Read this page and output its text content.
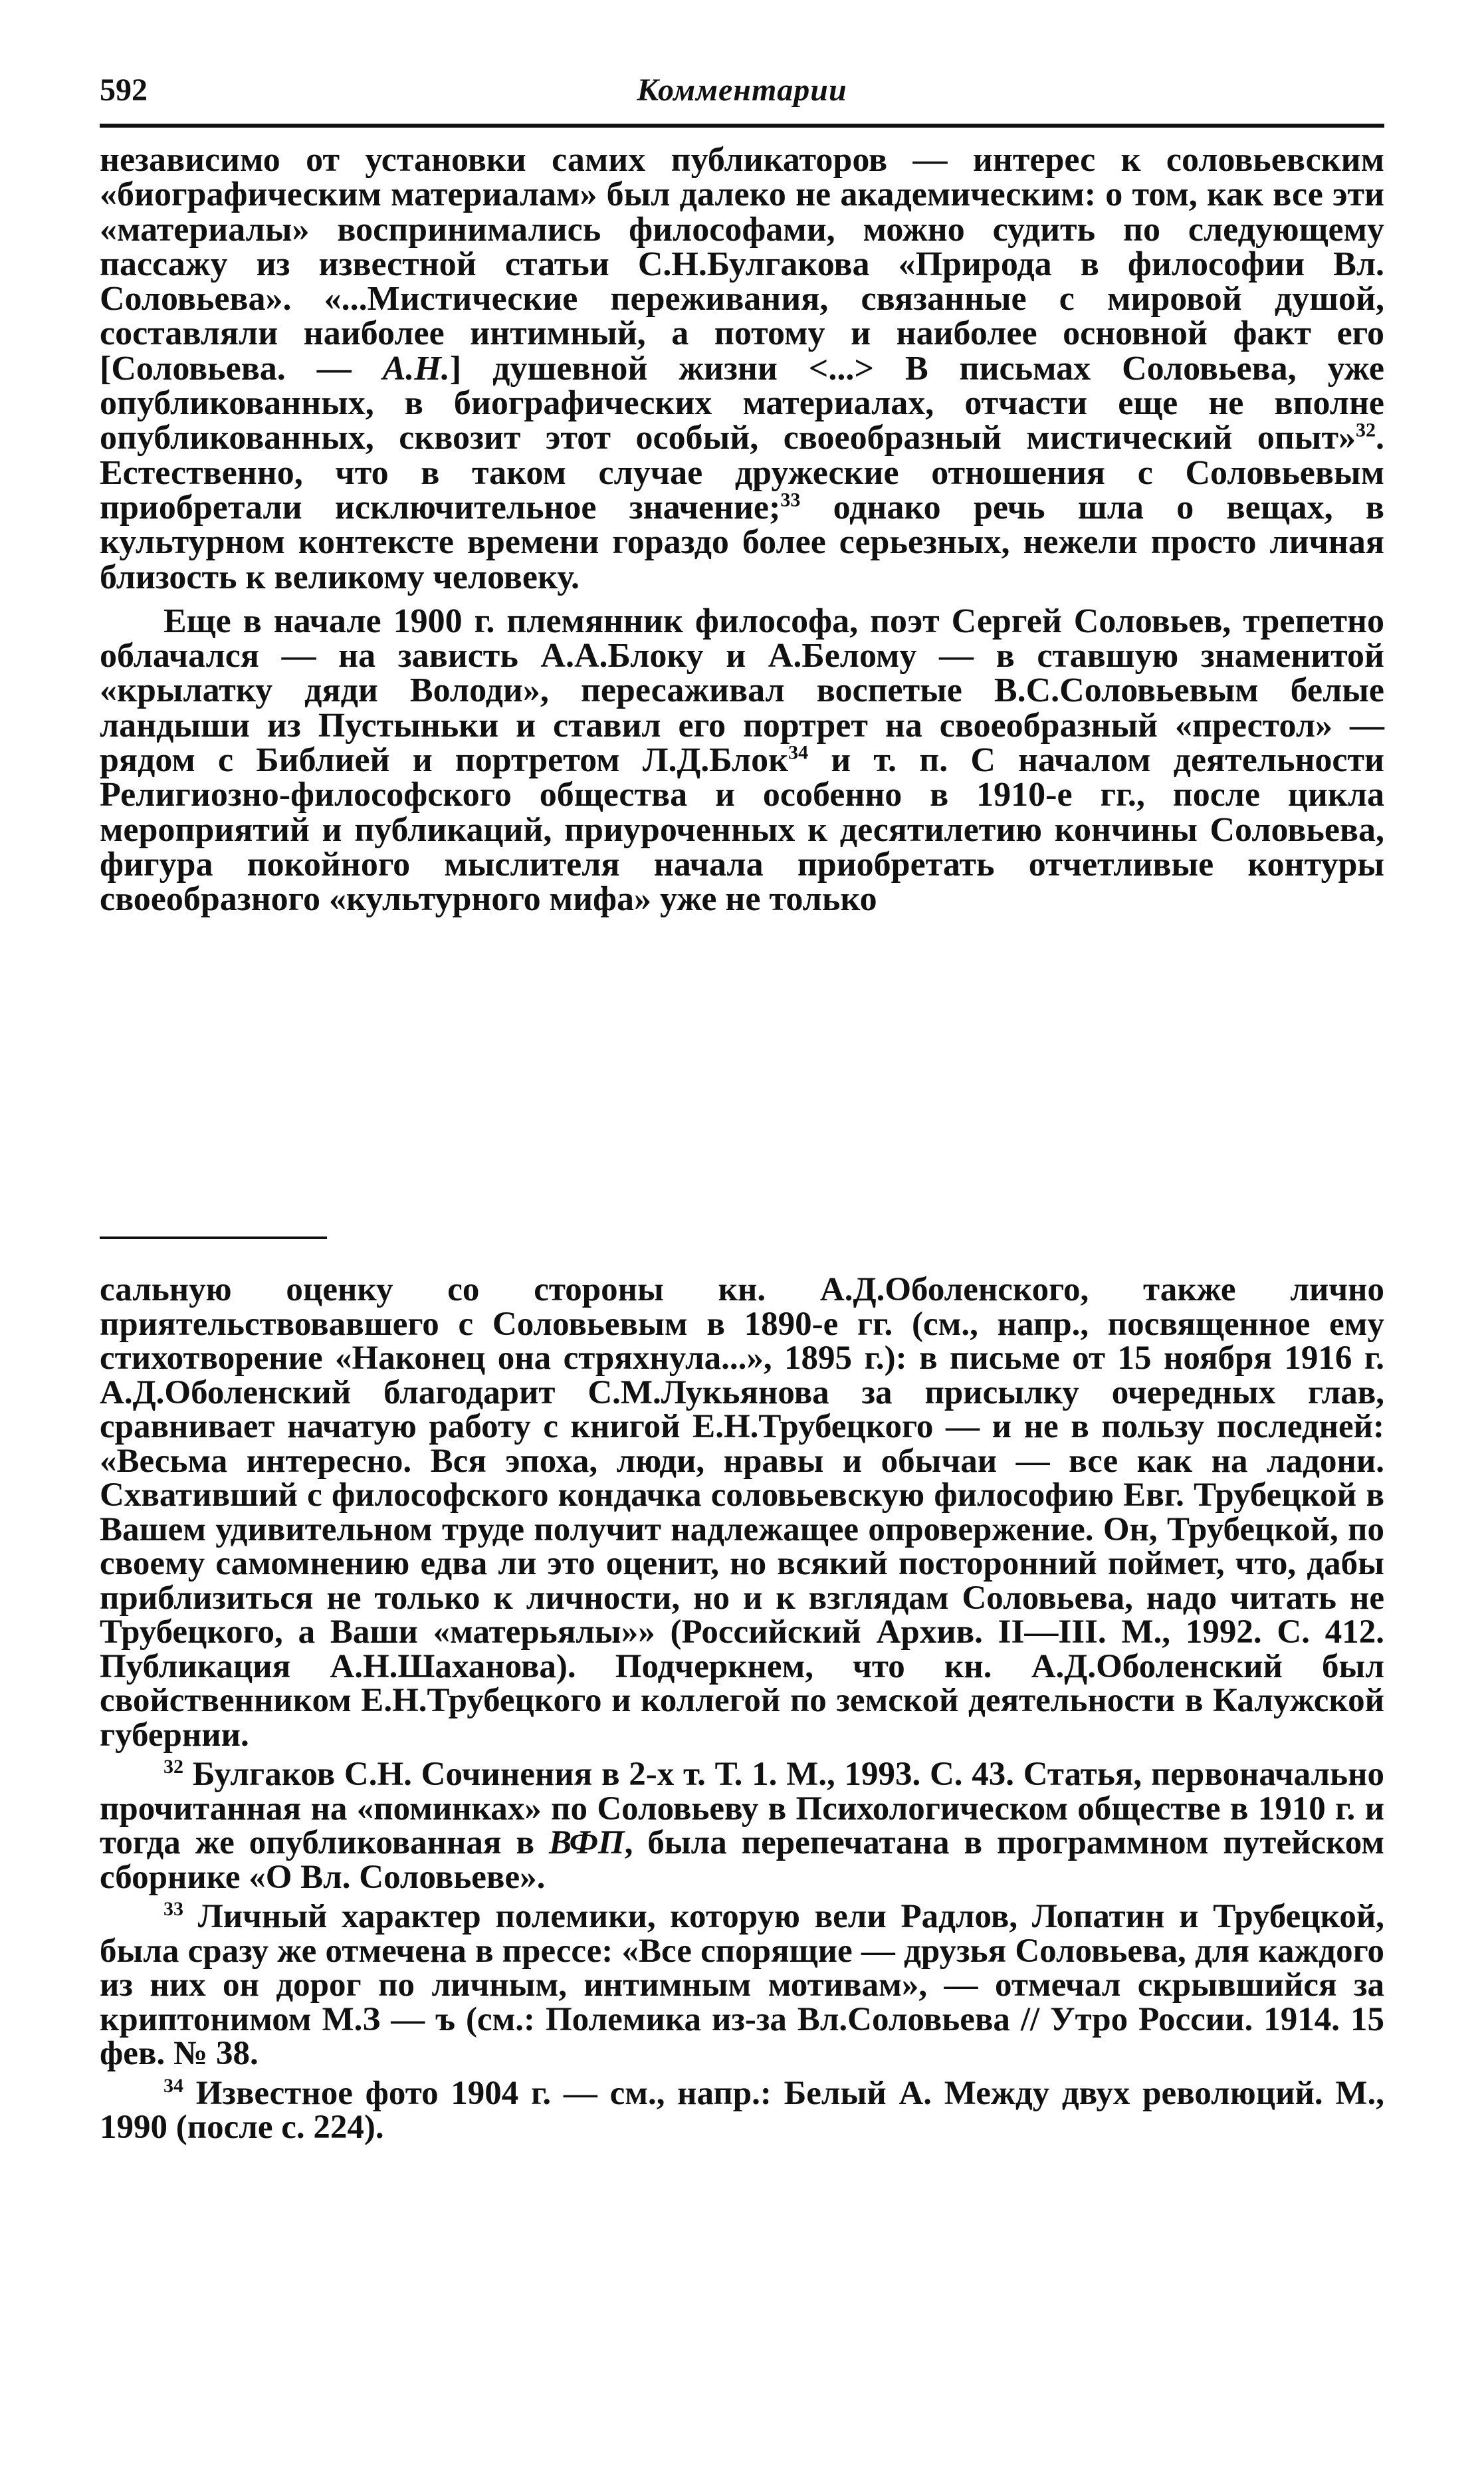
592	Комментарии

независимо от установки самих публикаторов — интерес к соловьевским «биографическим материалам» был далеко не академическим: о том, как все эти «материалы» воспринимались философами, можно судить по следующему пассажу из известной статьи С.Н.Булгакова «Природа в философии Вл. Соловьева». «...Мистические переживания, связанные с мировой душой, составляли наиболее интимный, а потому и наиболее основной факт его [Соловьева. — А.Н.] душевной жизни <...> В письмах Соловьева, уже опубликованных, в биографических материалах, отчасти еще не вполне опубликованных, сквозит этот особый, своеобразный мистический опыт»$^{32}$. Естественно, что в таком случае дружеские отношения с Соловьевым приобретали исключительное значение;$^{33}$ однако речь шла о вещах, в культурном контексте времени гораздо более серьезных, нежели просто личная близость к великому человеку.

Еще в начале 1900 г. племянник философа, поэт Сергей Соловьев, трепетно облачался — на зависть А.А.Блоку и А.Белому — в ставшую знаменитой «крылатку дяди Володи», пересаживал воспетые В.С.Соловьевым белые ландыши из Пустыньки и ставил его портрет на своеобразный «престол» — рядом с Библией и портретом Л.Д.Блок$^{34}$ и т. п. С началом деятельности Религиозно-философского общества и особенно в 1910-е гг., после цикла мероприятий и публикаций, приуроченных к десятилетию кончины Соловьева, фигура покойного мыслителя начала приобретать отчетливые контуры своеобразного «культурного мифа» уже не только

сальную оценку со стороны кн. А.Д.Оболенского, также лично приятельствовавшего с Соловьевым в 1890-е гг. (см., напр., посвященное ему стихотворение «Наконец она стряхнула...», 1895 г.): в письме от 15 ноября 1916 г. А.Д.Оболенский благодарит С.М.Лукьянова за присылку очередных глав, сравнивает начатую работу с книгой Е.Н.Трубецкого — и не в пользу последней: «Весьма интересно. Вся эпоха, люди, нравы и обычаи — все как на ладони. Схвативший с философского кондачка соловьевскую философию Евг. Трубецкой в Вашем удивительном труде получит надлежащее опровержение. Он, Трубецкой, по своему самомнению едва ли это оценит, но всякий посторонний поймет, что, дабы приблизиться не только к личности, но и к взглядам Соловьева, надо читать не Трубецкого, а Ваши «матерьялы»» (Российский Архив. II—III. М., 1992. С. 412. Публикация А.Н.Шаханова). Подчеркнем, что кн. А.Д.Оболенский был свойственником Е.Н.Трубецкого и коллегой по земской деятельности в Калужской губернии.

$^{32}$ Булгаков С.Н. Сочинения в 2-х т. Т. 1. М., 1993. С. 43. Статья, первоначально прочитанная на «поминках» по Соловьеву в Психологическом обществе в 1910 г. и тогда же опубликованная в ВФП, была перепечатана в программном путейском сборнике «О Вл. Соловьеве».

$^{33}$ Личный характер полемики, которую вели Радлов, Лопатин и Трубецкой, была сразу же отмечена в прессе: «Все спорящие — друзья Соловьева, для каждого из них он дорог по личным, интимным мотивам», — отмечал скрывшийся за криптонимом М.З — ъ (см.: Полемика из-за Вл.Соловьева // Утро России. 1914. 15 фев. № 38.

$^{34}$ Известное фото 1904 г. — см., напр.: Белый А. Между двух революций. М., 1990 (после с. 224).
